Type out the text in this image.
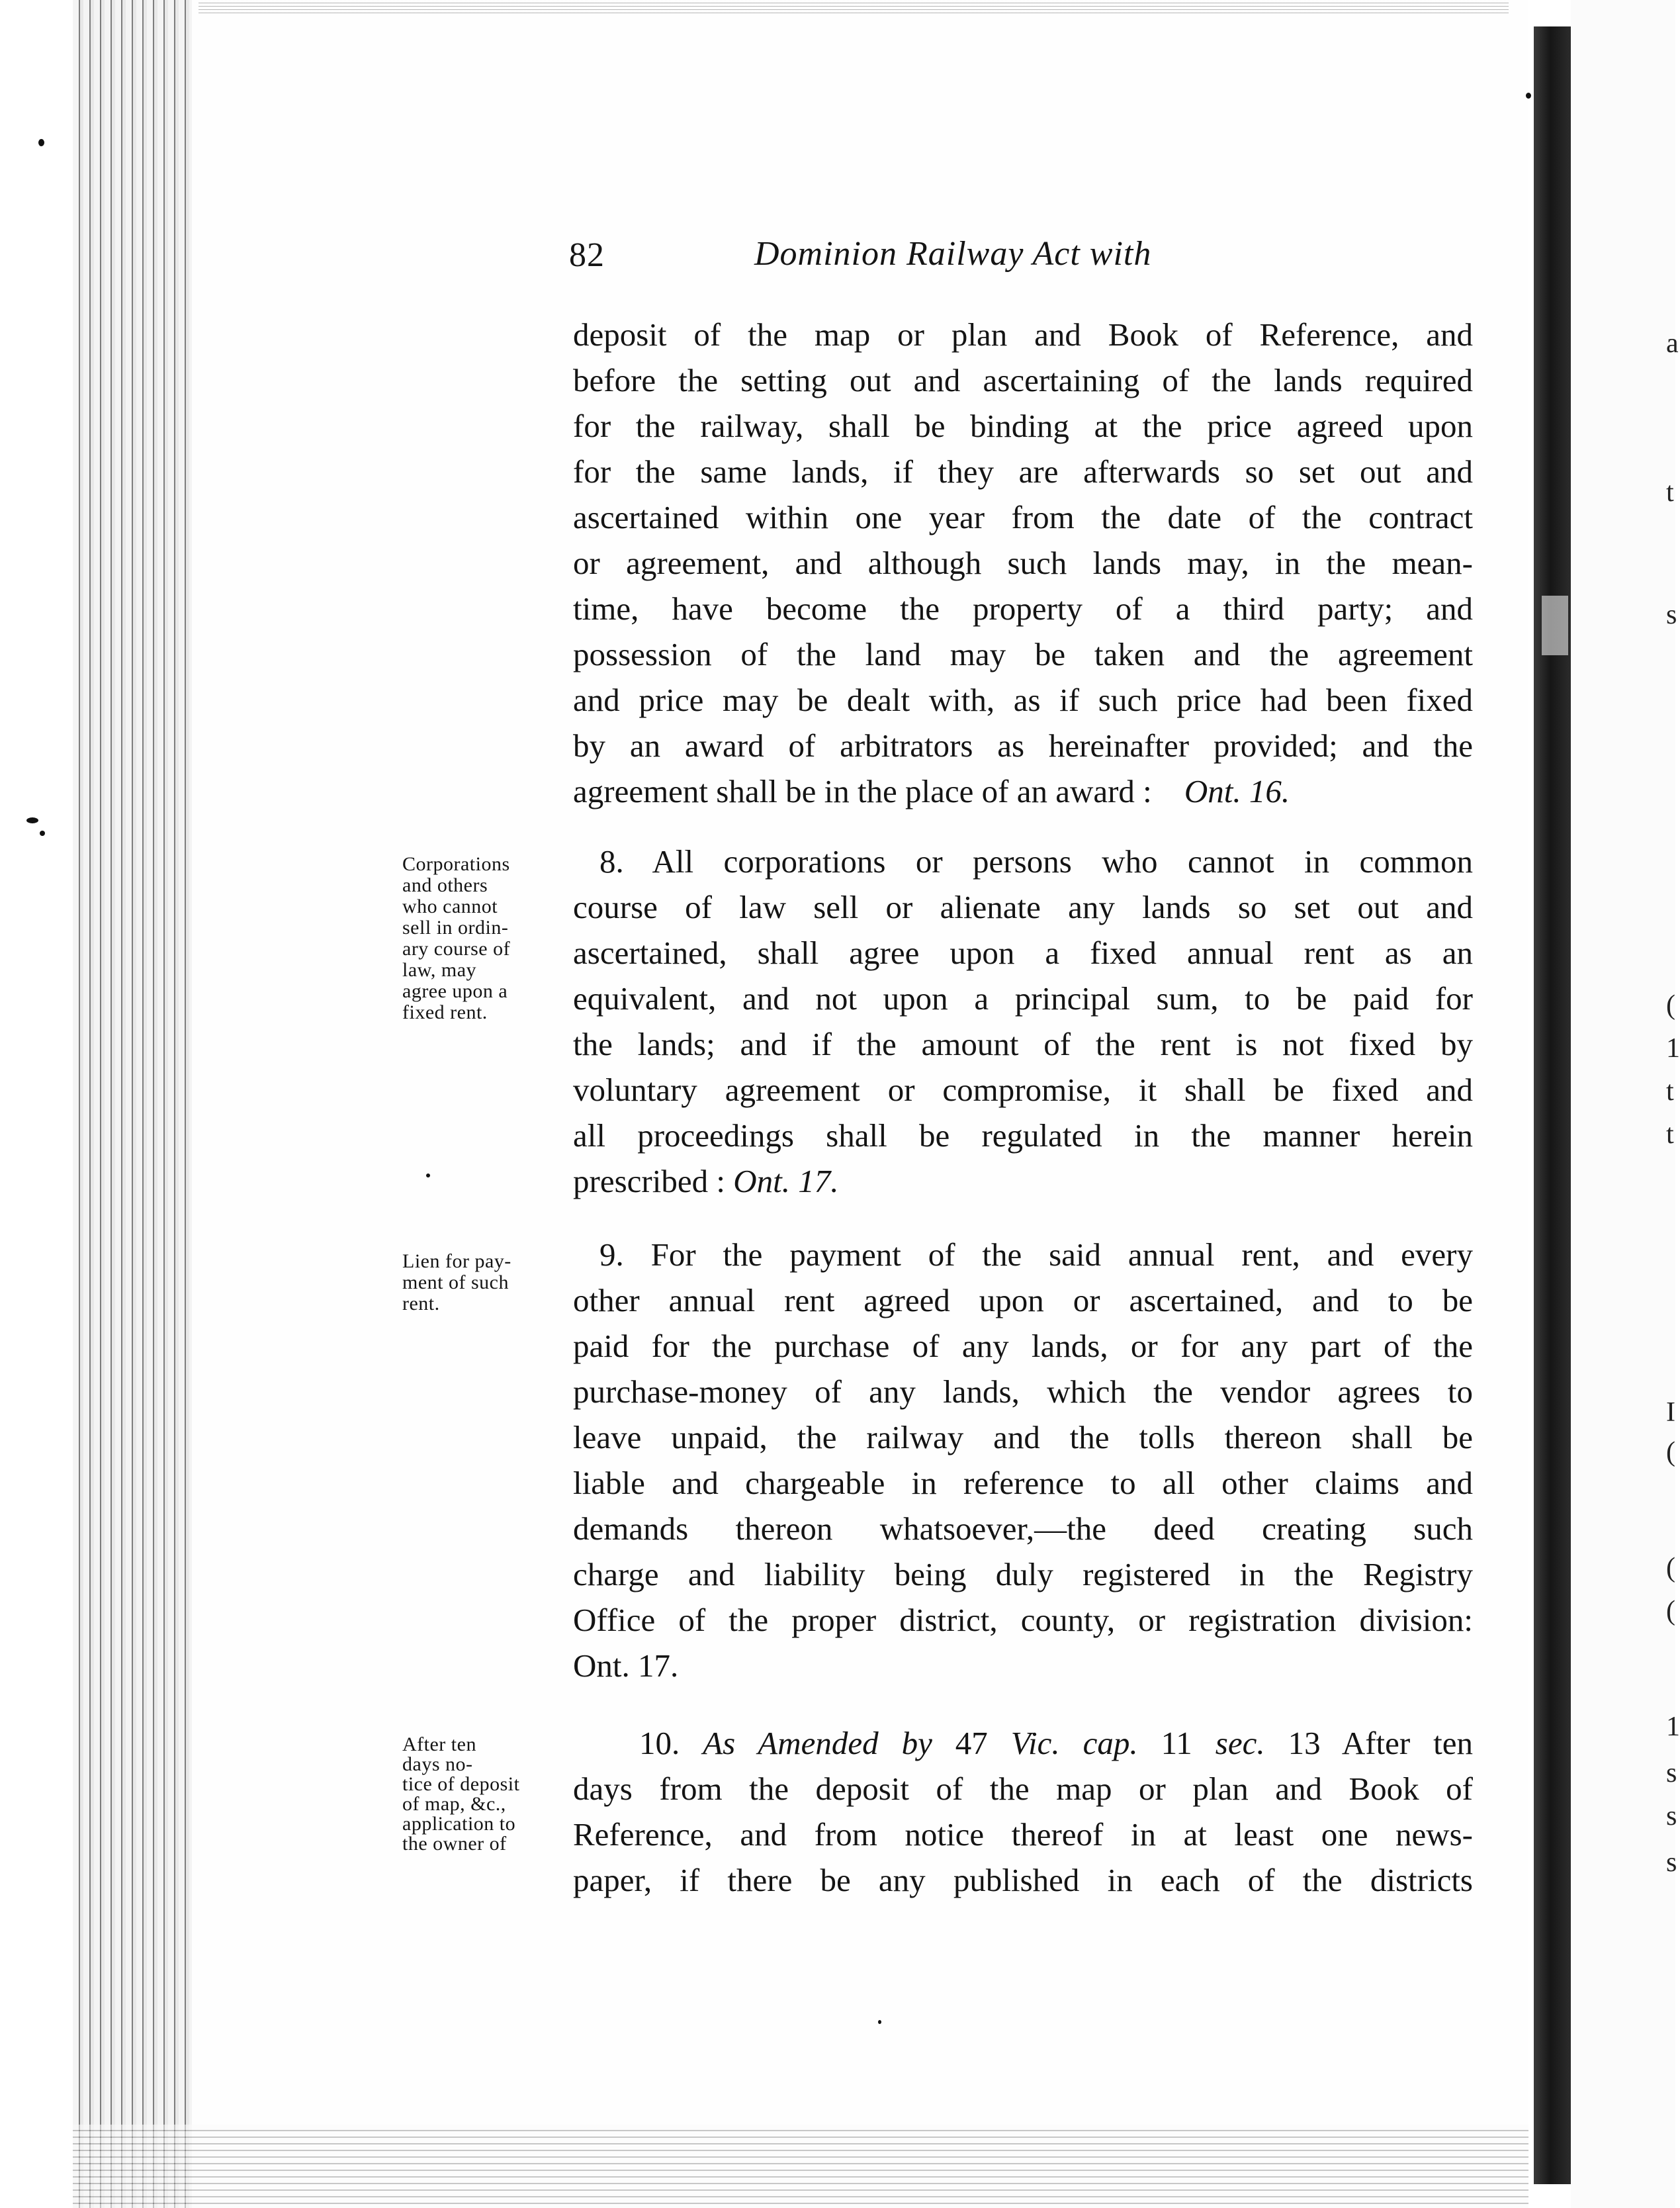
a
t
s
(
1
t
t
I
(
(
(
1
s
s
s
82	Dominion Railway Act with
deposit of the map or plan and Book of Reference, and
before the setting out and ascertaining of the lands required
for the railway, shall be binding at the price agreed upon
for the same lands, if they are afterwards so set out and
ascertained within one year from the date of the contract
or agreement, and although such lands may, in the mean-
time, have become the property of a third party; and
possession of the land may be taken and the agreement
and price may be dealt with, as if such price had been fixed
by an award of arbitrators as hereinafter provided; and the
agreement shall be in the place of an award : Ont. 16.
Corporations
and others
who cannot
sell in ordin-
ary course of
law, may
agree upon a
fixed rent.
8. All corporations or persons who cannot in common
course of law sell or alienate any lands so set out and
ascertained, shall agree upon a fixed annual rent as an
equivalent, and not upon a principal sum, to be paid for
the lands; and if the amount of the rent is not fixed by
voluntary agreement or compromise, it shall be fixed and
all proceedings shall be regulated in the manner herein
prescribed : Ont. 17.
Lien for pay-
ment of such
rent.
9. For the payment of the said annual rent, and every
other annual rent agreed upon or ascertained, and to be
paid for the purchase of any lands, or for any part of the
purchase-money of any lands, which the vendor agrees to
leave unpaid, the railway and the tolls thereon shall be
liable and chargeable in reference to all other claims and
demands thereon whatsoever,—the deed creating such
charge and liability being duly registered in the Registry
Office of the proper district, county, or registration division:
Ont. 17.
After ten
days no-
tice of deposit
of map, &c.,
application to
the owner of
10. As Amended by 47 Vic. cap. 11 sec. 13 After ten
days from the deposit of the map or plan and Book of
Reference, and from notice thereof in at least one news-
paper, if there be any published in each of the districts
